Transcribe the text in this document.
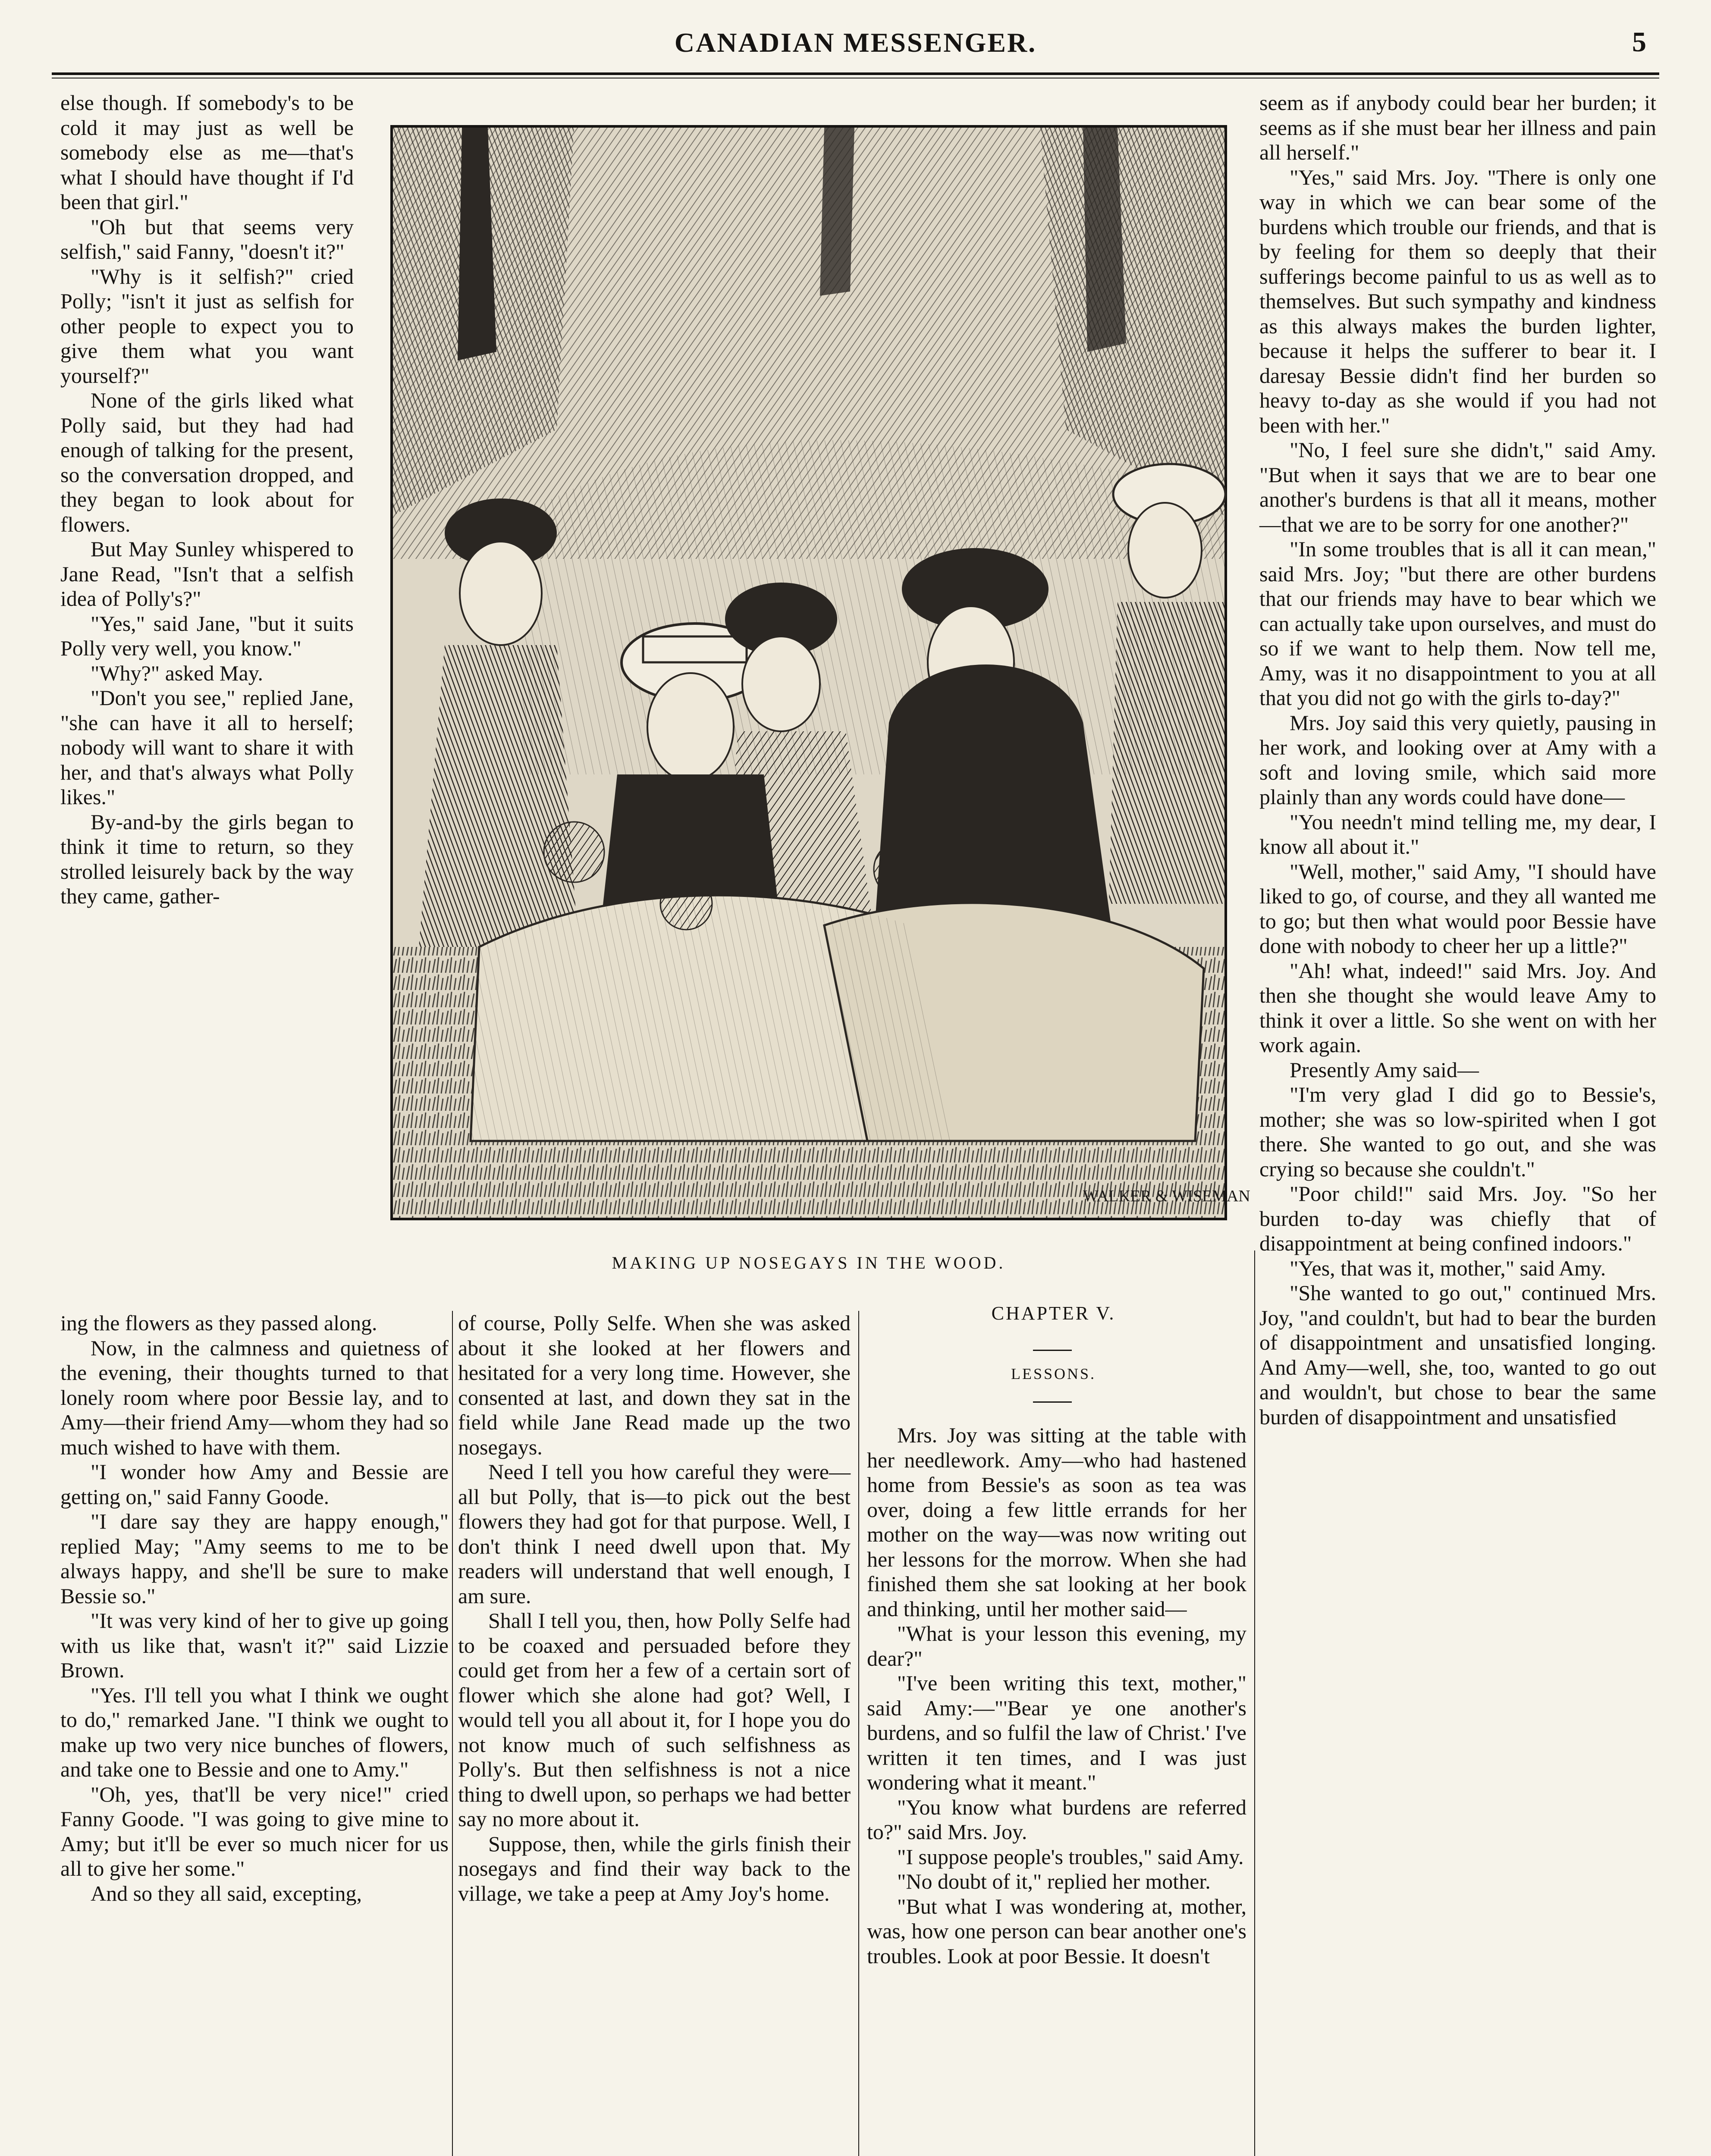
CANADIAN MESSENGER.	5

else though. If somebody's to be cold it may just as well be somebody else as me—that's what I should have thought if I'd been that girl."

"Oh but that seems very selfish," said Fanny, "doesn't it?"

"Why is it selfish?" cried Polly; "isn't it just as selfish for other people to expect you to give them what you want yourself?"

None of the girls liked what Polly said, but they had had enough of talking for the present, so the conversation dropped, and they began to look about for flowers.

But May Sunley whispered to Jane Read, "Isn't that a selfish idea of Polly's?"

"Yes," said Jane, "but it suits Polly very well, you know."

"Why?" asked May.

"Don't you see," replied Jane, "she can have it all to herself; nobody will want to share it with her, and that's always what Polly likes."

By-and-by the girls began to think it time to return, so they strolled leisurely back by the way they came, gather-

WALKER & WISEMAN
MAKING UP NOSEGAYS IN THE WOOD.

ing the flowers as they passed along.

Now, in the calmness and quietness of the evening, their thoughts turned to that lonely room where poor Bessie lay, and to Amy—their friend Amy—whom they had so much wished to have with them.

"I wonder how Amy and Bessie are getting on," said Fanny Goode.

"I dare say they are happy enough," replied May; "Amy seems to me to be always happy, and she'll be sure to make Bessie so."

"It was very kind of her to give up going with us like that, wasn't it?" said Lizzie Brown.

"Yes. I'll tell you what I think we ought to do," remarked Jane. "I think we ought to make up two very nice bunches of flowers, and take one to Bessie and one to Amy."

"Oh, yes, that'll be very nice!" cried Fanny Goode. "I was going to give mine to Amy; but it'll be ever so much nicer for us all to give her some."

And so they all said, excepting,

of course, Polly Selfe. When she was asked about it she looked at her flowers and hesitated for a very long time. However, she consented at last, and down they sat in the field while Jane Read made up the two nosegays.

Need I tell you how careful they were—all but Polly, that is—to pick out the best flowers they had got for that purpose. Well, I don't think I need dwell upon that. My readers will understand that well enough, I am sure.

Shall I tell you, then, how Polly Selfe had to be coaxed and persuaded before they could get from her a few of a certain sort of flower which she alone had got? Well, I would tell you all about it, for I hope you do not know much of such selfishness as Polly's. But then selfishness is not a nice thing to dwell upon, so perhaps we had better say no more about it.

Suppose, then, while the girls finish their nosegays and find their way back to the village, we take a peep at Amy Joy's home.

CHAPTER V.
LESSONS.

Mrs. Joy was sitting at the table with her needlework. Amy—who had hastened home from Bessie's as soon as tea was over, doing a few little errands for her mother on the way—was now writing out her lessons for the morrow. When she had finished them she sat looking at her book and thinking, until her mother said—

"What is your lesson this evening, my dear?"

"I've been writing this text, mother," said Amy:—"'Bear ye one another's burdens, and so fulfil the law of Christ.' I've written it ten times, and I was just wondering what it meant."

"You know what burdens are referred to?" said Mrs. Joy.

"I suppose people's troubles," said Amy.

"No doubt of it," replied her mother.

"But what I was wondering at, mother, was, how one person can bear another one's troubles. Look at poor Bessie. It doesn't

seem as if anybody could bear her burden; it seems as if she must bear her illness and pain all herself."

"Yes," said Mrs. Joy. "There is only one way in which we can bear some of the burdens which trouble our friends, and that is by feeling for them so deeply that their sufferings become painful to us as well as to themselves. But such sympathy and kindness as this always makes the burden lighter, because it helps the sufferer to bear it. I daresay Bessie didn't find her burden so heavy to-day as she would if you had not been with her."

"No, I feel sure she didn't," said Amy. "But when it says that we are to bear one another's burdens is that all it means, mother—that we are to be sorry for one another?"

"In some troubles that is all it can mean," said Mrs. Joy; "but there are other burdens that our friends may have to bear which we can actually take upon ourselves, and must do so if we want to help them. Now tell me, Amy, was it no disappointment to you at all that you did not go with the girls to-day?"

Mrs. Joy said this very quietly, pausing in her work, and looking over at Amy with a soft and loving smile, which said more plainly than any words could have done—

"You needn't mind telling me, my dear, I know all about it."

"Well, mother," said Amy, "I should have liked to go, of course, and they all wanted me to go; but then what would poor Bessie have done with nobody to cheer her up a little?"

"Ah! what, indeed!" said Mrs. Joy. And then she thought she would leave Amy to think it over a little. So she went on with her work again.

Presently Amy said—

"I'm very glad I did go to Bessie's, mother; she was so low-spirited when I got there. She wanted to go out, and she was crying so because she couldn't."

"Poor child!" said Mrs. Joy. "So her burden to-day was chiefly that of disappointment at being confined indoors."

"Yes, that was it, mother," said Amy.

"She wanted to go out," continued Mrs. Joy, "and couldn't, but had to bear the burden of disappointment and unsatisfied longing. And Amy—well, she, too, wanted to go out and wouldn't, but chose to bear the same burden of disappointment and unsatisfied
